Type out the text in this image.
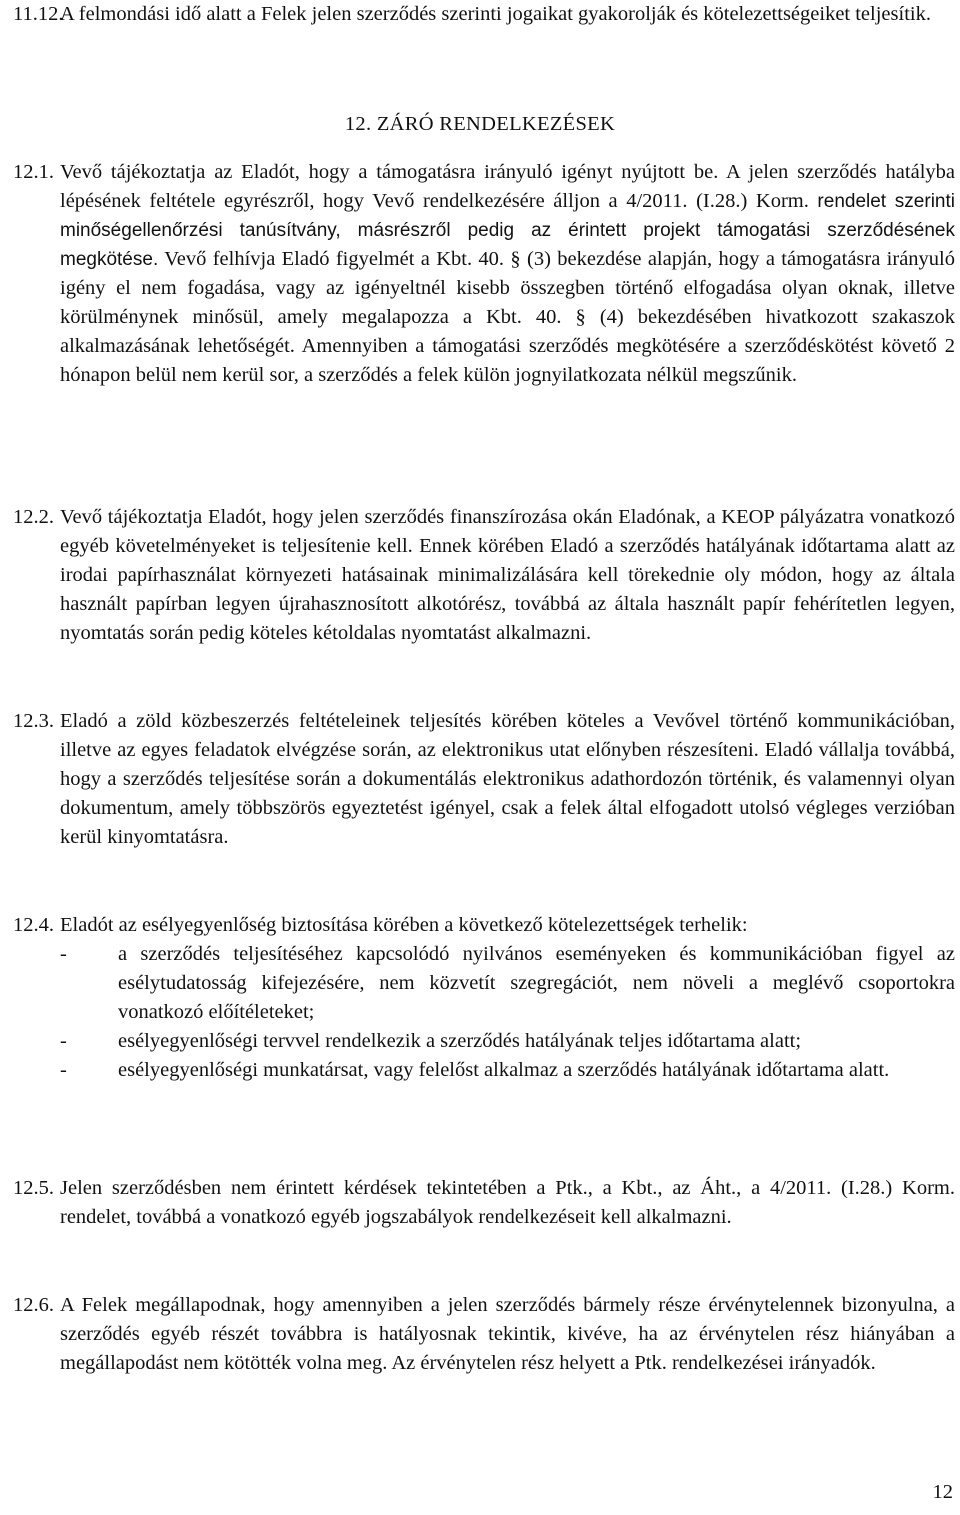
11.12.
A felmondási idő alatt a Felek jelen szerződés szerinti jogaikat gyakorolják és kötelezettségeiket teljesítik.
12. ZÁRÓ RENDELKEZÉSEK
12.1. Vevő tájékoztatja az Eladót, hogy a támogatásra irányuló igényt nyújtott be. A jelen szerződés hatályba lépésének feltétele egyrészről, hogy Vevő rendelkezésére álljon a 4/2011. (I.28.) Korm. rendelet szerinti minőségellenőrzési tanúsítvány, másrészről pedig az érintett projekt támogatási szerződésének megkötése. Vevő felhívja Eladó figyelmét a Kbt. 40. § (3) bekezdése alapján, hogy a támogatásra irányuló igény el nem fogadása, vagy az igényeltnél kisebb összegben történő elfogadása olyan oknak, illetve körülménynek minősül, amely megalapozza a Kbt. 40. § (4) bekezdésében hivatkozott szakaszok alkalmazásának lehetőségét. Amennyiben a támogatási szerződés megkötésére a szerződéskötést követő 2 hónapon belül nem kerül sor, a szerződés a felek külön jognyilatkozata nélkül megszűnik.
12.2. Vevő tájékoztatja Eladót, hogy jelen szerződés finanszírozása okán Eladónak, a KEOP pályázatra vonatkozó egyéb követelményeket is teljesítenie kell. Ennek körében Eladó a szerződés hatályának időtartama alatt az irodai papírhasználat környezeti hatásainak minimalizálására kell törekednie oly módon, hogy az általa használt papírban legyen újrahasznosított alkotórész, továbbá az általa használt papír fehérítetlen legyen, nyomtatás során pedig köteles kétoldalas nyomtatást alkalmazni.
12.3. Eladó a zöld közbeszerzés feltételeinek teljesítés körében köteles a Vevővel történő kommunikációban, illetve az egyes feladatok elvégzése során, az elektronikus utat előnyben részesíteni. Eladó vállalja továbbá, hogy a szerződés teljesítése során a dokumentálás elektronikus adathordozón történik, és valamennyi olyan dokumentum, amely többszörös egyeztetést igényel, csak a felek által elfogadott utolsó végleges verzióban kerül kinyomtatásra.
12.4. Eladót az esélyegyenlőség biztosítása körében a következő kötelezettségek terhelik:
- a szerződés teljesítéséhez kapcsolódó nyilvános eseményeken és kommunikációban figyel az esélytudatosság kifejezésére, nem közvetít szegregációt, nem növeli a meglévő csoportokra vonatkozó előítéleteket;
- esélyegyenlőségi tervvel rendelkezik a szerződés hatályának teljes időtartama alatt;
- esélyegyenlőségi munkatársat, vagy felelőst alkalmaz a szerződés hatályának időtartama alatt.
12.5. Jelen szerződésben nem érintett kérdések tekintetében a Ptk., a Kbt., az Áht., a 4/2011. (I.28.) Korm. rendelet, továbbá a vonatkozó egyéb jogszabályok rendelkezéseit kell alkalmazni.
12.6. A Felek megállapodnak, hogy amennyiben a jelen szerződés bármely része érvénytelennek bizonyulna, a szerződés egyéb részét továbbra is hatályosnak tekintik, kivéve, ha az érvénytelen rész hiányában a megállapodást nem kötötték volna meg. Az érvénytelen rész helyett a Ptk. rendelkezései irányadók.
12
